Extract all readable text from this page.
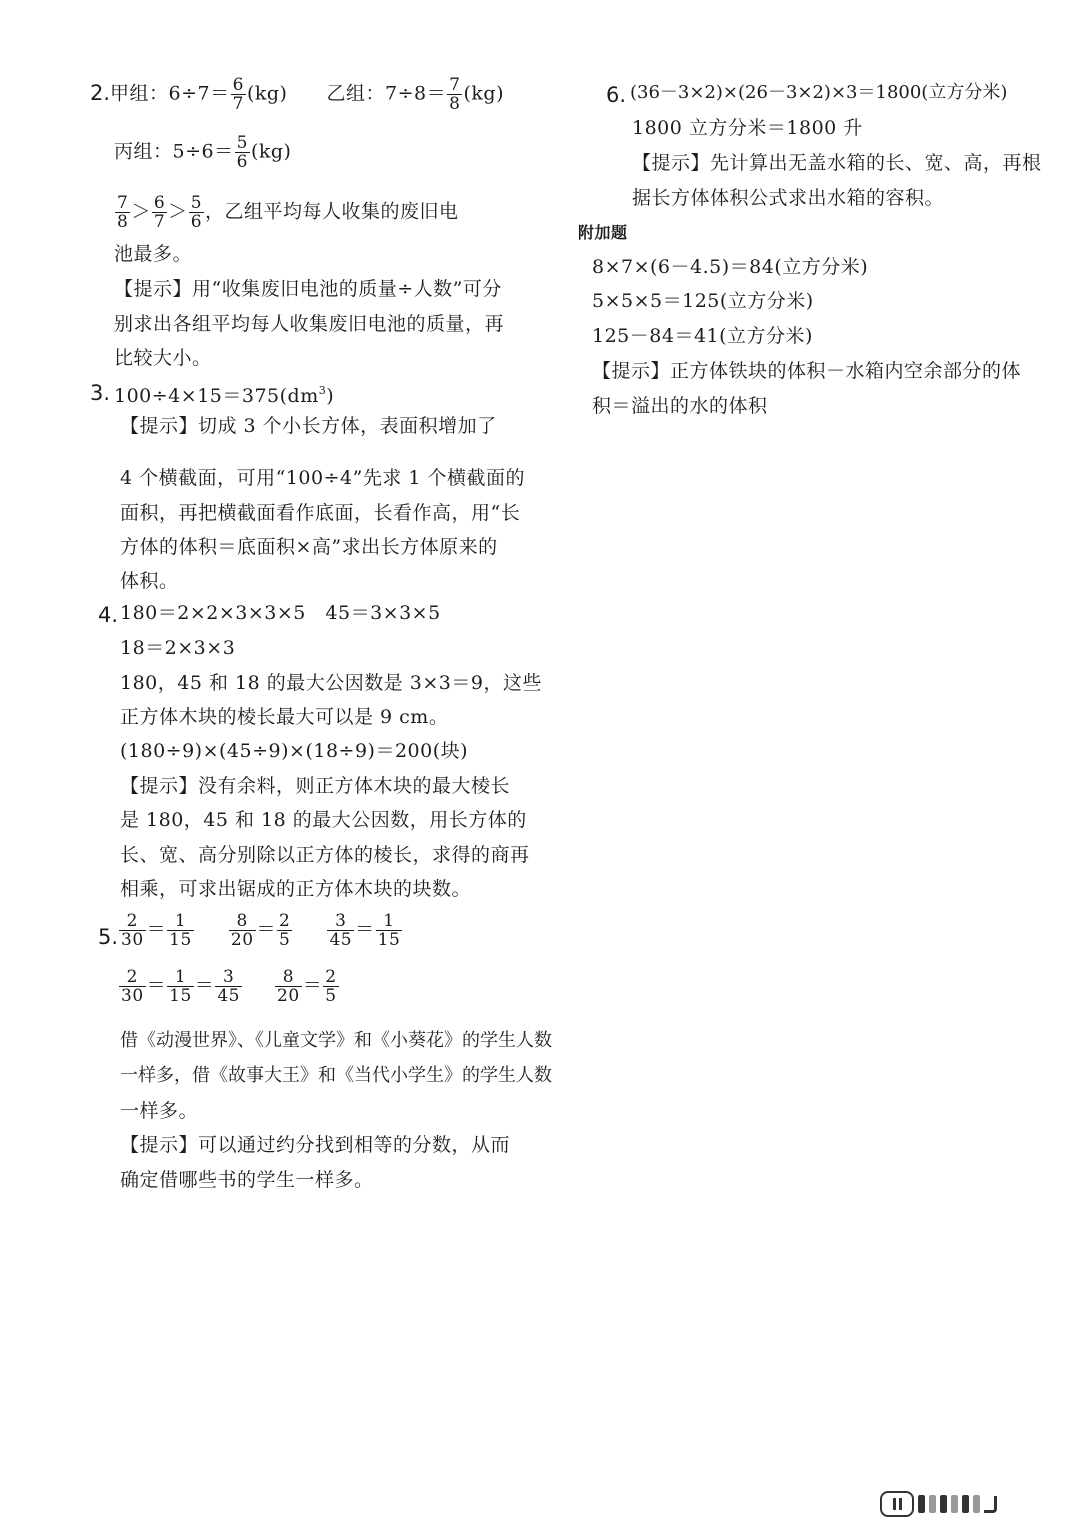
2. 甲组：$6\div 7= \frac{6}{7} (kg)$ 乙组：$7\div 8= \frac{7}{8} (kg)$
丙组：$5\div 6= \frac{5}{6} (kg)$
$\frac{7}{8} > \frac{6}{7} > \frac{5}{6}$ ，乙组平均每人收集的废旧电
池最多。
【提示】用“收集废旧电池的质量÷人数”可分
别求出各组平均每人收集废旧电池的质量，再
比较大小。
3. $100\div 4\times 15=375(dm^3)$
【提示】切成 3 个小长方体，表面积增加了
4 个横截面，可用“100÷4”先求 1 个横截面的
面积，再把横截面看作底面，长看作高，用“长
方体的体积＝底面积×高”求出长方体原来的
体积。
4. 180＝2×2×3×3×5　45＝3×3×5
18＝2×3×3
180，45 和 18 的最大公因数是 3×3＝9，这些
正方体木块的棱长最大可以是 9 cm。
(180÷9)×(45÷9)×(18÷9)＝200(块)
【提示】没有余料，则正方体木块的最大棱长
是 180，45 和 18 的最大公因数，用长方体的
长、宽、高分别除以正方体的棱长，求得的商再
相乘，可求出锯成的正方体木块的块数。
5. $\frac{2}{30} = \frac{1}{15}$
$\frac{8}{20} = \frac{2}{5}$
$\frac{3}{45} = \frac{1}{15}$
$\frac{2}{30} = \frac{1}{15} = \frac{3}{45}$
$\frac{8}{20} = \frac{2}{5}$
借《动漫世界》、《儿童文学》和《小葵花》的学生人数
一样多，借《故事大王》和《当代小学生》的学生人数
一样多。
【提示】可以通过约分找到相等的分数，从而
确定借哪些书的学生一样多。
6. (36－3×2)×(26－3×2)×3＝1800(立方分米)
1800 立方分米＝1800 升
【提示】先计算出无盖水箱的长、宽、高，再根
据长方体体积公式求出水箱的容积。
附加题
8×7×(6－4.5)＝84(立方分米)
5×5×5＝125(立方分米)
125－84＝41(立方分米)
【提示】正方体铁块的体积－水箱内空余部分的体
积＝溢出的水的体积
